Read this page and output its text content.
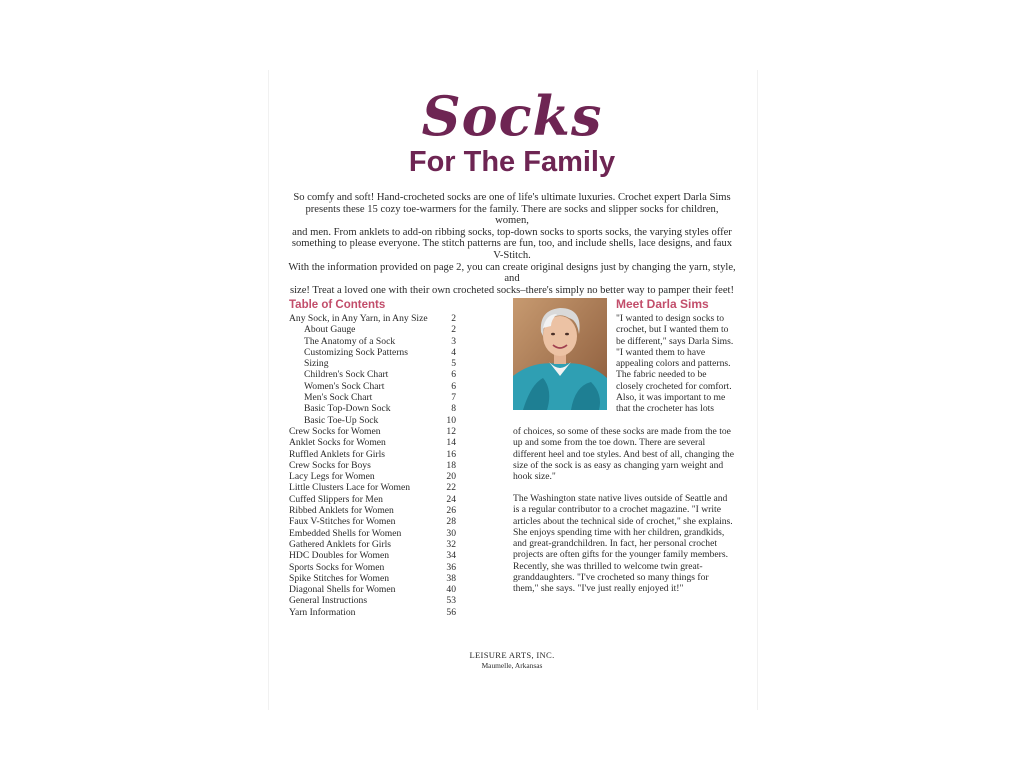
Socks
For The Family
So comfy and soft! Hand-crocheted socks are one of life's ultimate luxuries. Crochet expert Darla Sims
presents these 15 cozy toe-warmers for the family. There are socks and slipper socks for children, women,
and men. From anklets to add-on ribbing socks, top-down socks to sports socks, the varying styles offer
something to please everyone. The stitch patterns are fun, too, and include shells, lace designs, and faux V-Stitch.
With the information provided on page 2, you can create original designs just by changing the yarn, style, and
size! Treat a loved one with their own crocheted socks–there's simply no better way to pamper their feet!
Table of Contents
Any Sock, in Any Yarn, in Any Size	2
About Gauge	2
The Anatomy of a Sock	3
Customizing Sock Patterns	4
Sizing	5
Children's Sock Chart	6
Women's Sock Chart	6
Men's Sock Chart	7
Basic Top-Down Sock	8
Basic Toe-Up Sock	10
Crew Socks for Women	12
Anklet Socks for Women	14
Ruffled Anklets for Girls	16
Crew Socks for Boys	18
Lacy Legs for Women	20
Little Clusters Lace for Women	22
Cuffed Slippers for Men	24
Ribbed Anklets for Women	26
Faux V-Stitches for Women	28
Embedded Shells for Women	30
Gathered Anklets for Girls	32
HDC Doubles for Women	34
Sports Socks for Women	36
Spike Stitches for Women	38
Diagonal Shells for Women	40
General Instructions	53
Yarn Information	56
Meet Darla Sims
"I wanted to design socks to crochet, but I wanted them to be different," says Darla Sims. "I wanted them to have appealing colors and patterns. The fabric needed to be closely crocheted for comfort. Also, it was important to me that the crocheter has lots
of choices, so some of these socks are made from the toe up and some from the toe down. There are several different heel and toe styles. And best of all, changing the size of the sock is as easy as changing yarn weight and hook size."
The Washington state native lives outside of Seattle and is a regular contributor to a crochet magazine. "I write articles about the technical side of crochet," she explains. She enjoys spending time with her children, grandkids, and great-grandchildren. In fact, her personal crochet projects are often gifts for the younger family members. Recently, she was thrilled to welcome twin great-granddaughters. "I've crocheted so many things for them," she says. "I've just really enjoyed it!"
LEISURE ARTS, INC.
Maumelle, Arkansas
